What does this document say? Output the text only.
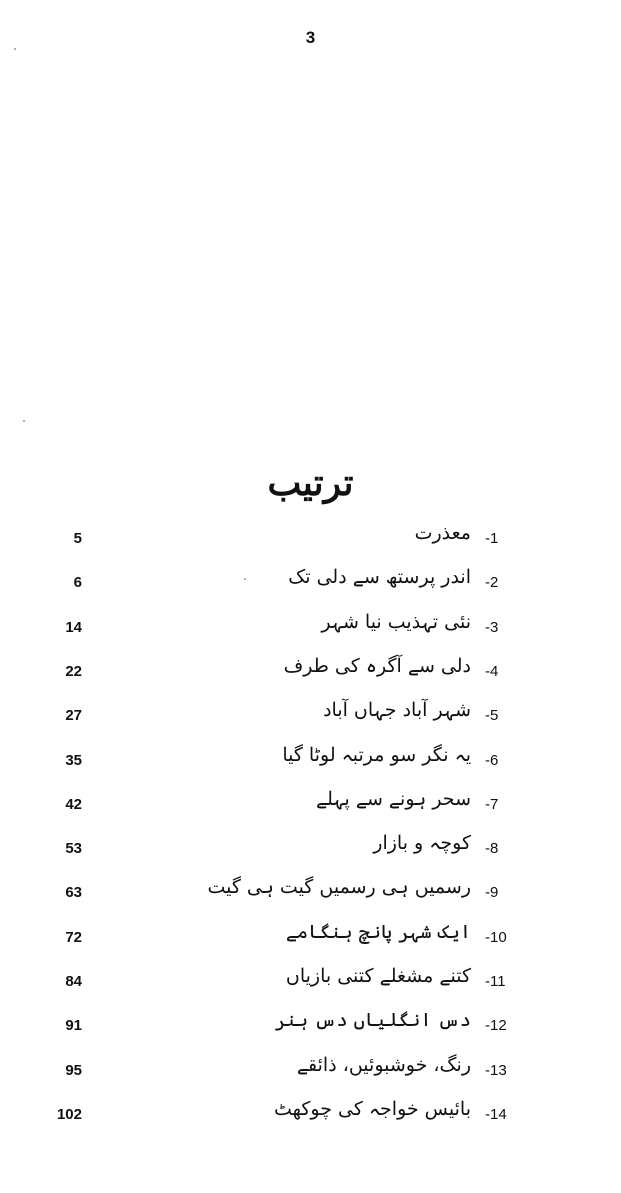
3
ترتیب
5	معذرت -1
6	اندر پرستھ سے دلی تک -2
14	نئی تہذیب نیا شہر -3
22	دلی سے آگرہ کی طرف -4
27	شہر آباد جہاں آباد -5
35	یہ نگر سو مرتبہ لوٹا گیا -6
42	سحر ہونے سے پہلے -7
53	کوچہ و بازار -8
63	رسمیں ہی رسمیں گیت ہی گیت -9
72	ایک شہر پانچ ہنگامے -10
84	کتنے مشغلے کتنی بازیاں -11
91	دس انگلیاں دس ہنر -12
95	رنگ، خوشبوئیں، ذائقے -13
102	بائیس خواجہ کی چوکھٹ -14
